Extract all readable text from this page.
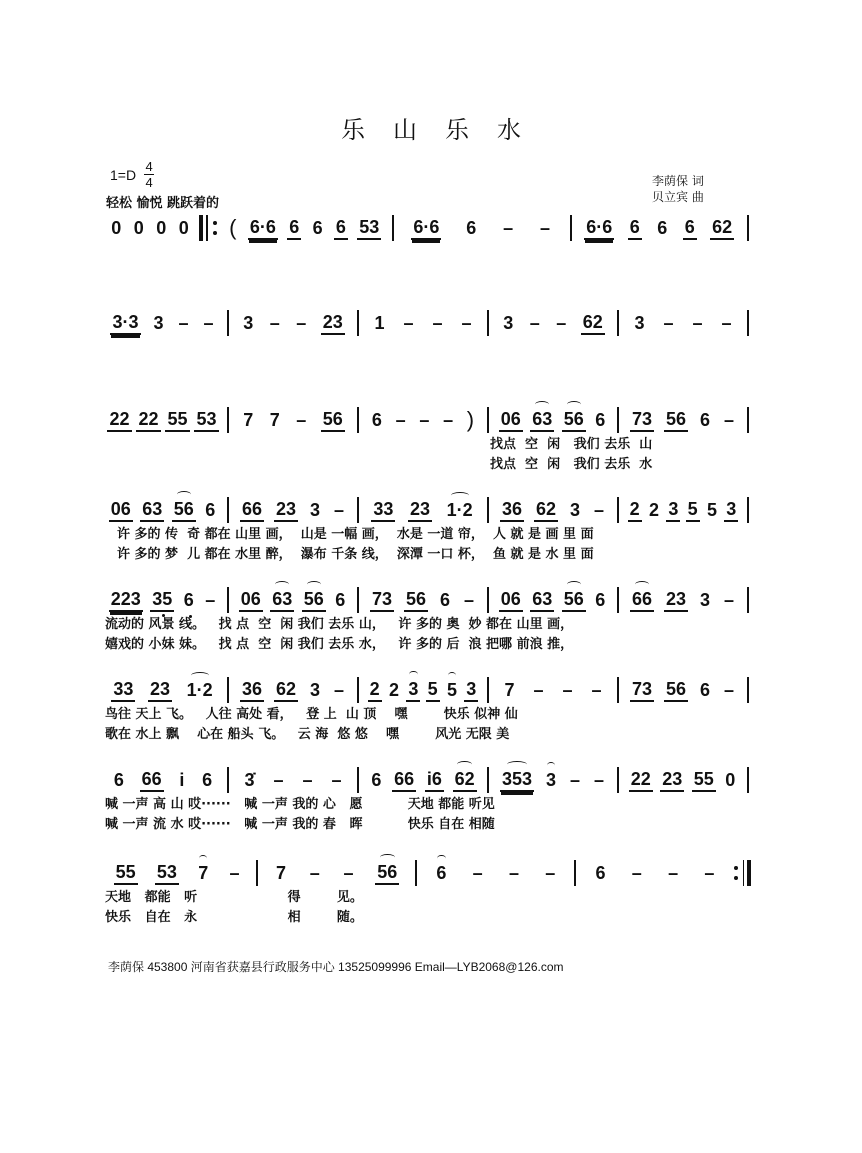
乐山乐水
$1=D \frac{4}{4}$
轻松 愉悦 跳跃着的
李荫保 词
贝立宾 曲
0 0 0 0 ( 6·6 6 6 6 53 6·6 6 – – 6·6 6 6 6 62
3·3 3 – – 3 – – 23 1 – – – 3 – – 62 3 – – –
22 22 55 53 7 7 – 56 6 – – – ) 06 63 56 6 73 56 6 –
找点  空  闲   我们 去乐  山
找点  空  闲   我们 去乐  水
06 63 56 6 66 23 3 – 33 23 1·2 36 62 3 – 2 2 3 5 5 3
许 多的 传  奇 都在 山里 画，  山是 一幅 画，  水是 一道 帘，  人 就 是 画 里 面
许 多的 梦  儿 都在 水里 醉，  瀑布 千条 线，  深潭 一口 杯，  鱼 就 是 水 里 面
223 35 6 – 06 63 56 6 73 56 6 – 06 63 56 6 66 23 3 –
流动的 风景 线。   找 点  空  闲 我们 去乐 山，   许 多的 奥  妙 都在 山里 画，
嬉戏的 小妹 妹。   找 点  空  闲 我们 去乐 水，   许 多的 后  浪 把哪 前浪 推，
33 23 1·2 36 62 3 – 2 2 3 5 5 3 7 – – – 73 56 6 –
鸟往 天上 飞。   人往 高处 看，   登 上  山 顶    嘿        快乐 似神 仙
歌在 水上 飘    心在 船头 飞。   云 海  悠 悠    嘿        风光 无限 美
6 66 i 6 3̇ – – – 6 66 i6 62 353 3 – – 22 23 55 0
喊 一声 高 山 哎······   喊 一声 我的 心   愿          天地 都能 听见
喊 一声 流 水 哎······   喊 一声 我的 春   晖          快乐 自在 相随
55 53 7 – 7 – – 56 6 – – – 6 – – –
天地   都能   听                    得        见。
快乐   自在   永                    相        随。
李荫保 453800 河南省获嘉县行政服务中心 13525099996 Email—LYB2068@126.com
